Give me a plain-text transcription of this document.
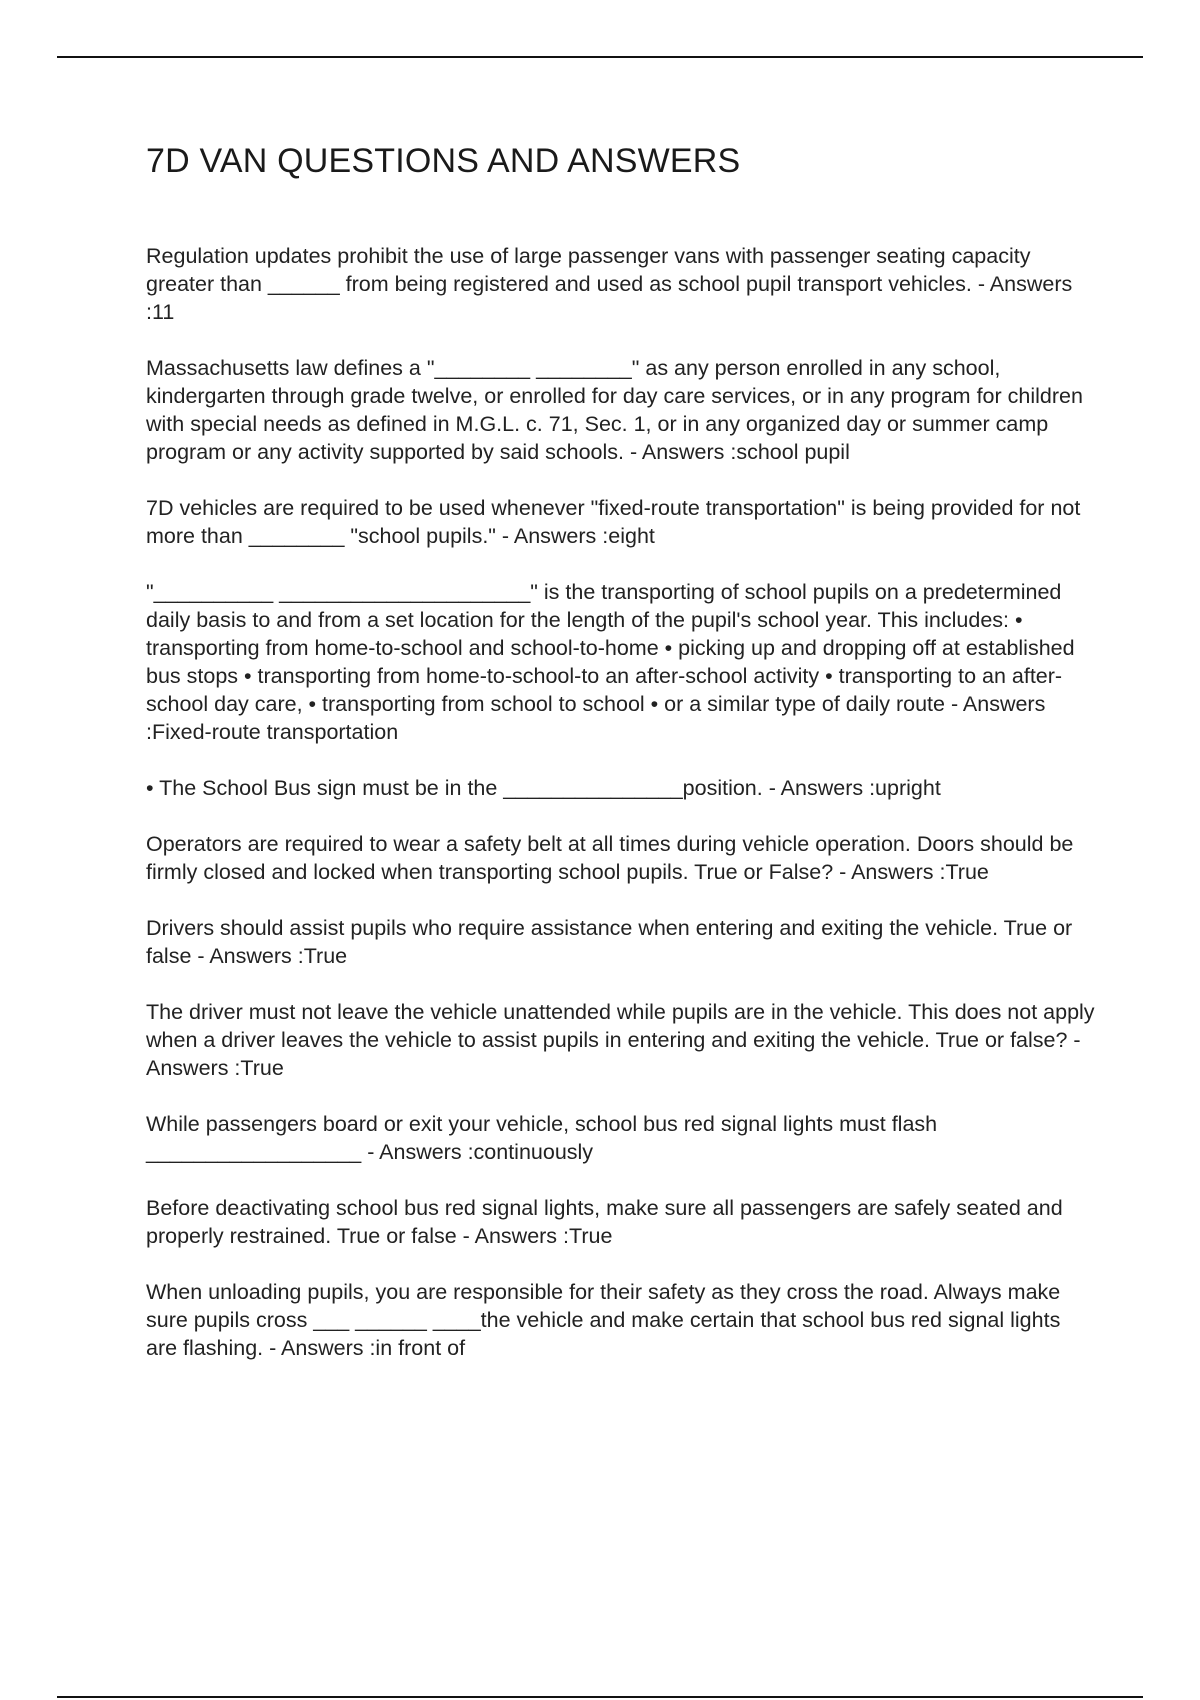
7D VAN QUESTIONS AND ANSWERS

Regulation updates prohibit the use of large passenger vans with passenger seating capacity greater than ______ from being registered and used as school pupil transport vehicles. - Answers :11

Massachusetts law defines a "________ ________" as any person enrolled in any school, kindergarten through grade twelve, or enrolled for day care services, or in any program for children with special needs as defined in M.G.L. c. 71, Sec. 1, or in any organized day or summer camp program or any activity supported by said schools. - Answers :school pupil

7D vehicles are required to be used whenever "fixed-route transportation" is being provided for not more than ________ "school pupils." - Answers :eight

"__________ _____________________" is the transporting of school pupils on a predetermined daily basis to and from a set location for the length of the pupil's school year. This includes: • transporting from home-to-school and school-to-home • picking up and dropping off at established bus stops • transporting from home-to-school-to an after-school activity • transporting to an after-school day care, • transporting from school to school • or a similar type of daily route - Answers :Fixed-route transportation

• The School Bus sign must be in the _______________position. - Answers :upright

Operators are required to wear a safety belt at all times during vehicle operation. Doors should be firmly closed and locked when transporting school pupils. True or False? - Answers :True

Drivers should assist pupils who require assistance when entering and exiting the vehicle. True or false - Answers :True

The driver must not leave the vehicle unattended while pupils are in the vehicle. This does not apply when a driver leaves the vehicle to assist pupils in entering and exiting the vehicle. True or false? - Answers :True

While passengers board or exit your vehicle, school bus red signal lights must flash __________________ - Answers :continuously

Before deactivating school bus red signal lights, make sure all passengers are safely seated and properly restrained. True or false - Answers :True

When unloading pupils, you are responsible for their safety as they cross the road. Always make sure pupils cross ___ ______ ____the vehicle and make certain that school bus red signal lights are flashing. - Answers :in front of
